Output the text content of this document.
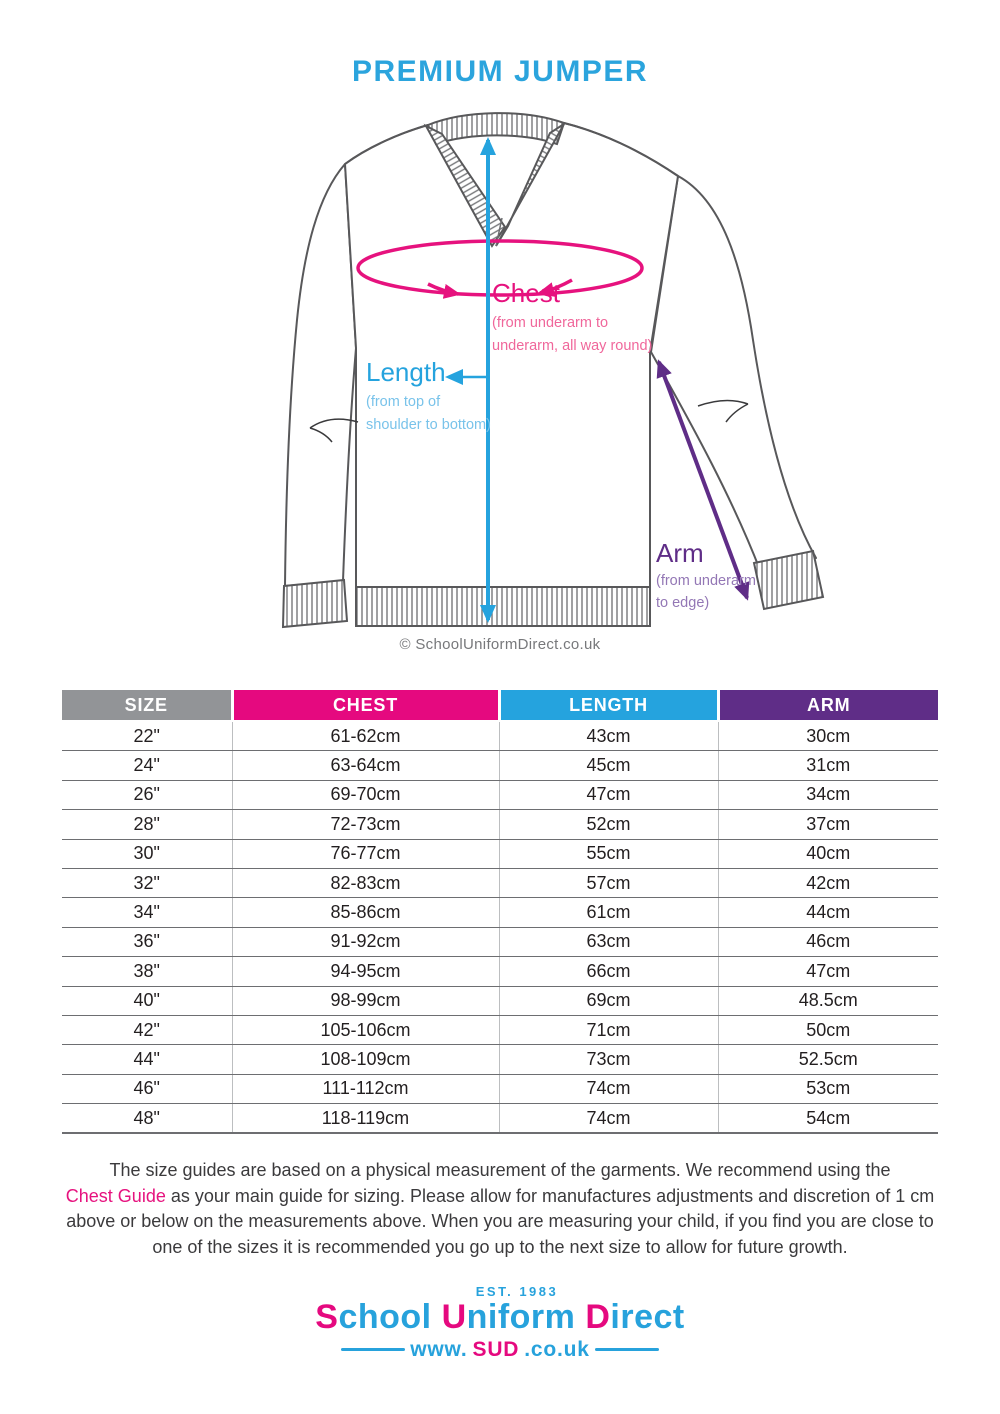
PREMIUM JUMPER
Chest
(from underarm to
underarm, all way round)
Length
(from top of
shoulder to bottom)
Arm
(from underarm
to edge)
© SchoolUniformDirect.co.uk
SIZE	CHEST	LENGTH	ARM
22"	61-62cm	43cm	30cm
24"	63-64cm	45cm	31cm
26"	69-70cm	47cm	34cm
28"	72-73cm	52cm	37cm
30"	76-77cm	55cm	40cm
32"	82-83cm	57cm	42cm
34"	85-86cm	61cm	44cm
36"	91-92cm	63cm	46cm
38"	94-95cm	66cm	47cm
40"	98-99cm	69cm	48.5cm
42"	105-106cm	71cm	50cm
44"	108-109cm	73cm	52.5cm
46"	111-112cm	74cm	53cm
48"	118-119cm	74cm	54cm
The size guides are based on a physical measurement of the garments. We recommend using the
Chest Guide as your main guide for sizing. Please allow for manufactures adjustments and discretion of 1 cm
above or below on the measurements above. When you are measuring your child, if you find you are close to
one of the sizes it is recommended you go up to the next size to allow for future growth.
EST. 1983
School Uniform Direct
www. SUD .co.uk
